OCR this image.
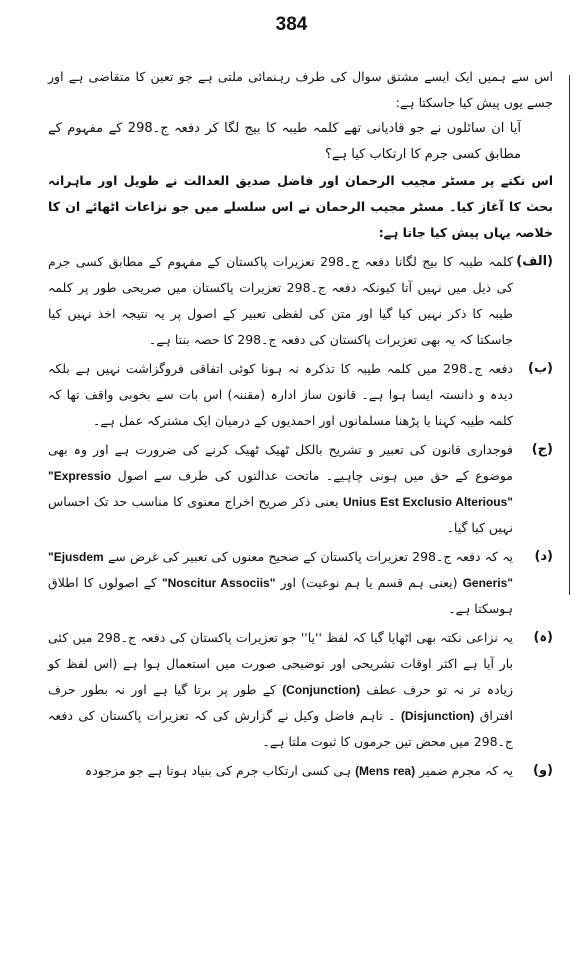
384

اس سے ہمیں ایک ایسے مشتق سوال کی طرف رہنمائی ملتی ہے جو تعین کا متقاضی ہے اور جسے یوں پیش کیا جاسکتا ہے:

آیا ان سائلوں نے جو قادیانی تھے کلمہ طیبہ کا بیج لگا کر دفعہ ج۔298 کے مفہوم کے مطابق کسی جرم کا ارتکاب کیا ہے؟

اس نکتے پر مسٹر مجیب الرحمان اور فاضل صدیق العدالت نے طویل اور ماہرانہ بحث کا آغاز کیا۔ مسٹر مجیب الرحمان نے اس سلسلے میں جو نزاعات اٹھائے ان کا خلاصہ یہاں پیش کیا جاتا ہے:

(الف)
کلمہ طیبہ کا بیج لگانا دفعہ ج۔298 تعزیرات پاکستان کے مفہوم کے مطابق کسی جرم کی ذیل میں نہیں آتا کیونکہ دفعہ ج۔298 تعزیرات پاکستان میں صریحی طور پر کلمہ طیبہ کا ذکر نہیں کیا گیا اور متن کی لفظی تعبیر کے اصول پر یہ نتیجہ اخذ نہیں کیا جاسکتا کہ یہ بھی تعزیرات پاکستان کی دفعہ ج۔298 کا حصہ بنتا ہے۔
(ب)
دفعہ ج۔298 میں کلمہ طیبہ کا تذکرہ نہ ہونا کوئی اتفاقی فروگزاشت نہیں ہے بلکہ دیدہ و دانستہ ایسا ہوا ہے۔ قانون ساز ادارہ (مقننہ) اس بات سے بخوبی واقف تھا کہ کلمہ طیبہ کہنا یا پڑھنا مسلمانوں اور احمدیوں کے درمیان ایک مشترکہ عمل ہے۔
(ج)
فوجداری قانون کی تعبیر و تشریح بالکل ٹھیک ٹھیک کرنے کی ضرورت ہے اور وہ بھی موضوع کے حق میں ہونی چاہیے۔ ماتحت عدالتوں کی طرف سے اصول "Expressio Unius Est Exclusio Alterious" یعنی ذکر صریح اخراج معنوی کا مناسب حد تک احساس نہیں کیا گیا۔
(د)
یہ کہ دفعہ ج۔298 تعزیرات پاکستان کے صحیح معنوں کی تعبیر کی غرض سے "Ejusdem Generis" (یعنی ہم قسم یا ہم نوعیت) اور "Noscitur Associis" کے اصولوں کا اطلاق ہوسکتا ہے۔
(ہ)
یہ نزاعی نکتہ بھی اٹھایا گیا کہ لفظ ''یا'' جو تعزیرات پاکستان کی دفعہ ج۔298 میں کئی بار آیا ہے اکثر اوقات تشریحی اور توضیحی صورت میں استعمال ہوا ہے (اس لفظ کو زیادہ تر نہ تو حرف عطف (Conjunction) کے طور پر برتا گیا ہے اور نہ بطور حرف افتراق (Disjunction) ۔ تاہم فاضل وکیل نے گزارش کی کہ تعزیرات پاکستان کی دفعہ ج۔298 میں محض تین جرموں کا ثبوت ملتا ہے۔
(و)
یہ کہ مجرم ضمیر (Mens rea) ہی کسی ارتکاب جرم کی بنیاد ہوتا ہے جو مزجودہ
